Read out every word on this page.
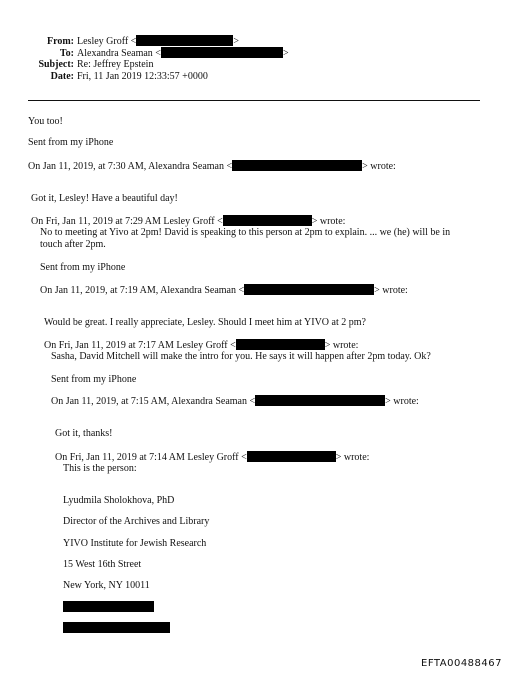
From: Lesley Groff <	>
To: Alexandra Seaman <	>
Subject: Re: Jeffrey Epstein
Date: Fri, 11 Jan 2019 12:33:57 +0000
You too!
Sent from my iPhone
On Jan 11, 2019, at 7:30 AM, Alexandra Seaman <	> wrote:
Got it, Lesley! Have a beautiful day!
On Fri, Jan 11, 2019 at 7:29 AM Lesley Groff <	> wrote:
No to meeting at Yivo at 2pm! David is speaking to this person at 2pm to explain. ... we (he) will be in touch after 2pm.
Sent from my iPhone
On Jan 11, 2019, at 7:19 AM, Alexandra Seaman <	> wrote:
Would be great. I really appreciate, Lesley. Should I meet him at YIVO at 2 pm?
On Fri, Jan 11, 2019 at 7:17 AM Lesley Groff <	> wrote:
Sasha, David Mitchell will make the intro for you. He says it will happen after 2pm today. Ok?
Sent from my iPhone
On Jan 11, 2019, at 7:15 AM, Alexandra Seaman <	> wrote:
Got it, thanks!
On Fri, Jan 11, 2019 at 7:14 AM Lesley Groff <	> wrote:
This is the person:
Lyudmila Sholokhova, PhD
Director of the Archives and Library
YIVO Institute for Jewish Research
15 West 16th Street
New York, NY 10011
EFTA00488467
